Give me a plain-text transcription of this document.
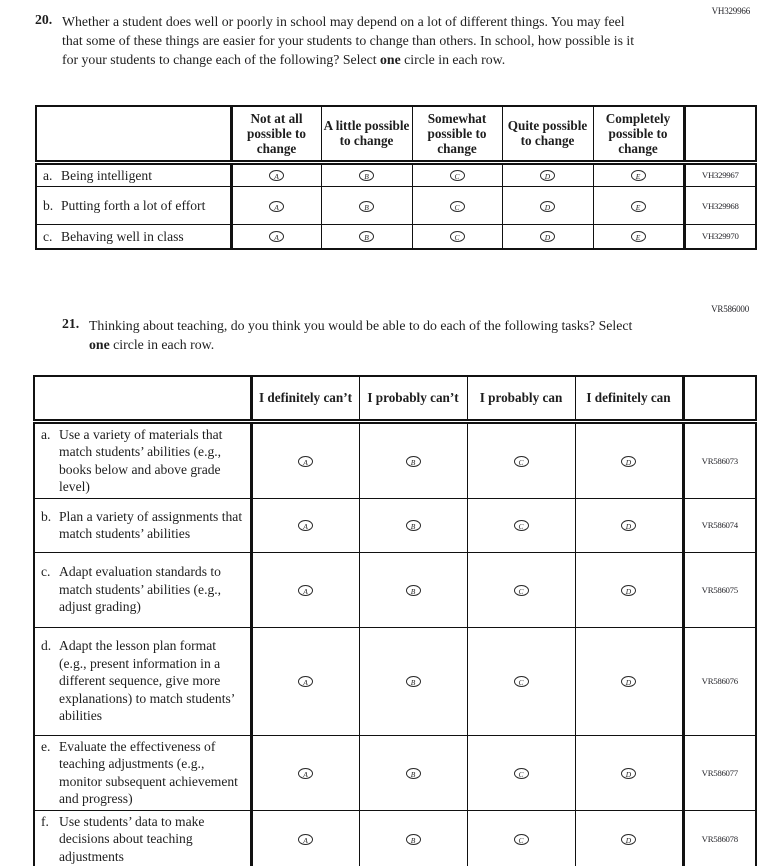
VH329966
20. Whether a student does well or poorly in school may depend on a lot of different things. You may feel that some of these things are easier for your students to change than others. In school, how possible is it for your students to change each of the following? Select one circle in each row.
	Not at all possible to change	A little possible to change	Somewhat possible to change	Quite possible to change	Completely possible to change	

a. Being intelligent	A	B	C	D	E	VH329967

b. Putting forth a lot of effort	A	B	C	D	E	VH329968

c. Behaving well in class	A	B	C	D	E	VH329970
VR586000
21. Thinking about teaching, do you think you would be able to do each of the following tasks? Select one circle in each row.
	I definitely can’t	I probably can’t	I probably can	I definitely can	

a. Use a variety of materials that match students’ abilities (e.g., books below and above grade level)	A	B	C	D	VR586073

b. Plan a variety of assignments that match students’ abilities	A	B	C	D	VR586074

c. Adapt evaluation standards to match students’ abilities (e.g., adjust grading)	A	B	C	D	VR586075

d. Adapt the lesson plan format (e.g., present information in a different sequence, give more explanations) to match students’ abilities	A	B	C	D	VR586076

e. Evaluate the effectiveness of teaching adjustments (e.g., monitor subsequent achievement and progress)	A	B	C	D	VR586077

f. Use students’ data to make decisions about teaching adjustments	A	B	C	D	VR586078
